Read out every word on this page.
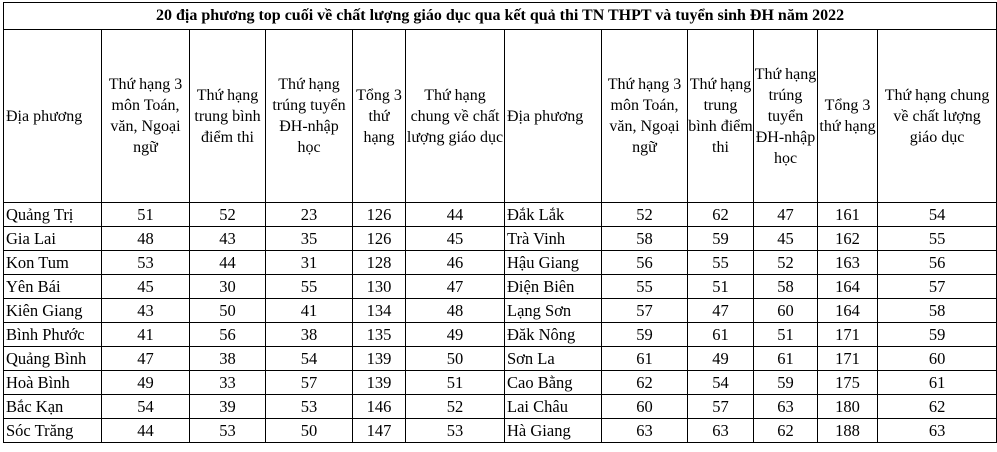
20 địa phương top cuối về chất lượng giáo dục qua kết quả thi TN THPT và tuyển sinh ĐH năm 2022											
Địa phương	Thứ hạng 3 môn Toán, văn, Ngoại ngữ	Thứ hạng trung bình điểm thi	Thứ hạng trúng tuyển ĐH-nhập học	Tổng 3 thứ hạng	Thứ hạng chung về chất lượng giáo dục	Địa phương	Thứ hạng 3 môn Toán, văn, Ngoại ngữ	Thứ hạng trung bình điểm thi	Thứ hạng trúng tuyển ĐH-nhập học	Tổng 3 thứ hạng	Thứ hạng chung về chất lượng giáo dục
Quảng Trị	51	52	23	126	44	Đắk Lắk	52	62	47	161	54
Gia Lai	48	43	35	126	45	Trà Vinh	58	59	45	162	55
Kon Tum	53	44	31	128	46	Hậu Giang	56	55	52	163	56
Yên Bái	45	30	55	130	47	Điện Biên	55	51	58	164	57
Kiên Giang	43	50	41	134	48	Lạng Sơn	57	47	60	164	58
Bình Phước	41	56	38	135	49	Đăk Nông	59	61	51	171	59
Quảng Bình	47	38	54	139	50	Sơn La	61	49	61	171	60
Hoà Bình	49	33	57	139	51	Cao Bằng	62	54	59	175	61
Bắc Kạn	54	39	53	146	52	Lai Châu	60	57	63	180	62
Sóc Trăng	44	53	50	147	53	Hà Giang	63	63	62	188	63
